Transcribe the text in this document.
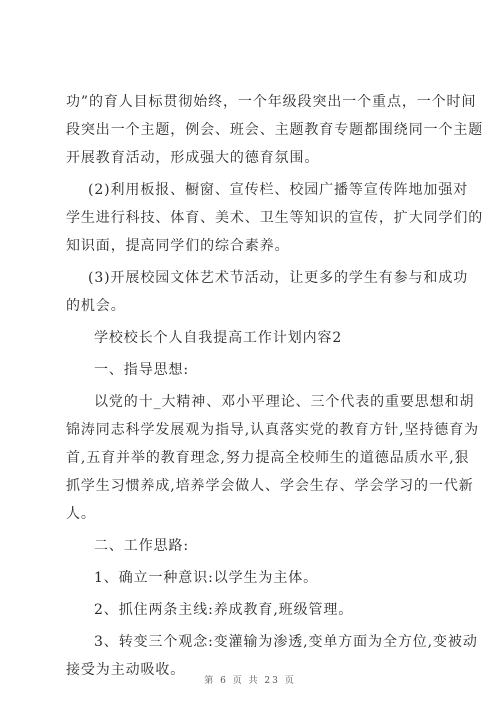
功”的育人目标贯彻始终，一个年级段突出一个重点，一个时间
段突出一个主题，例会、班会、主题教育专题都围绕同一个主题
开展教育活动，形成强大的德育氛围。

(2)利用板报、橱窗、宣传栏、校园广播等宣传阵地加强对
学生进行科技、体育、美术、卫生等知识的宣传，扩大同学们的
知识面，提高同学们的综合素养。

(3)开展校园文体艺术节活动，让更多的学生有参与和成功
的机会。

学校校长个人自我提高工作计划内容2

一、指导思想:

以党的十_大精神、邓小平理论、三个代表的重要思想和胡
锦涛同志科学发展观为指导,认真落实党的教育方针,坚持德育为
首,五育并举的教育理念,努力提高全校师生的道德品质水平,狠
抓学生习惯养成,培养学会做人、学会生存、学会学习的一代新
人。

二、工作思路:

1、确立一种意识:以学生为主体。

2、抓住两条主线:养成教育,班级管理。

3、转变三个观念:变灌输为渗透,变单方面为全方位,变被动
接受为主动吸收。

第 6 页 共 23 页
